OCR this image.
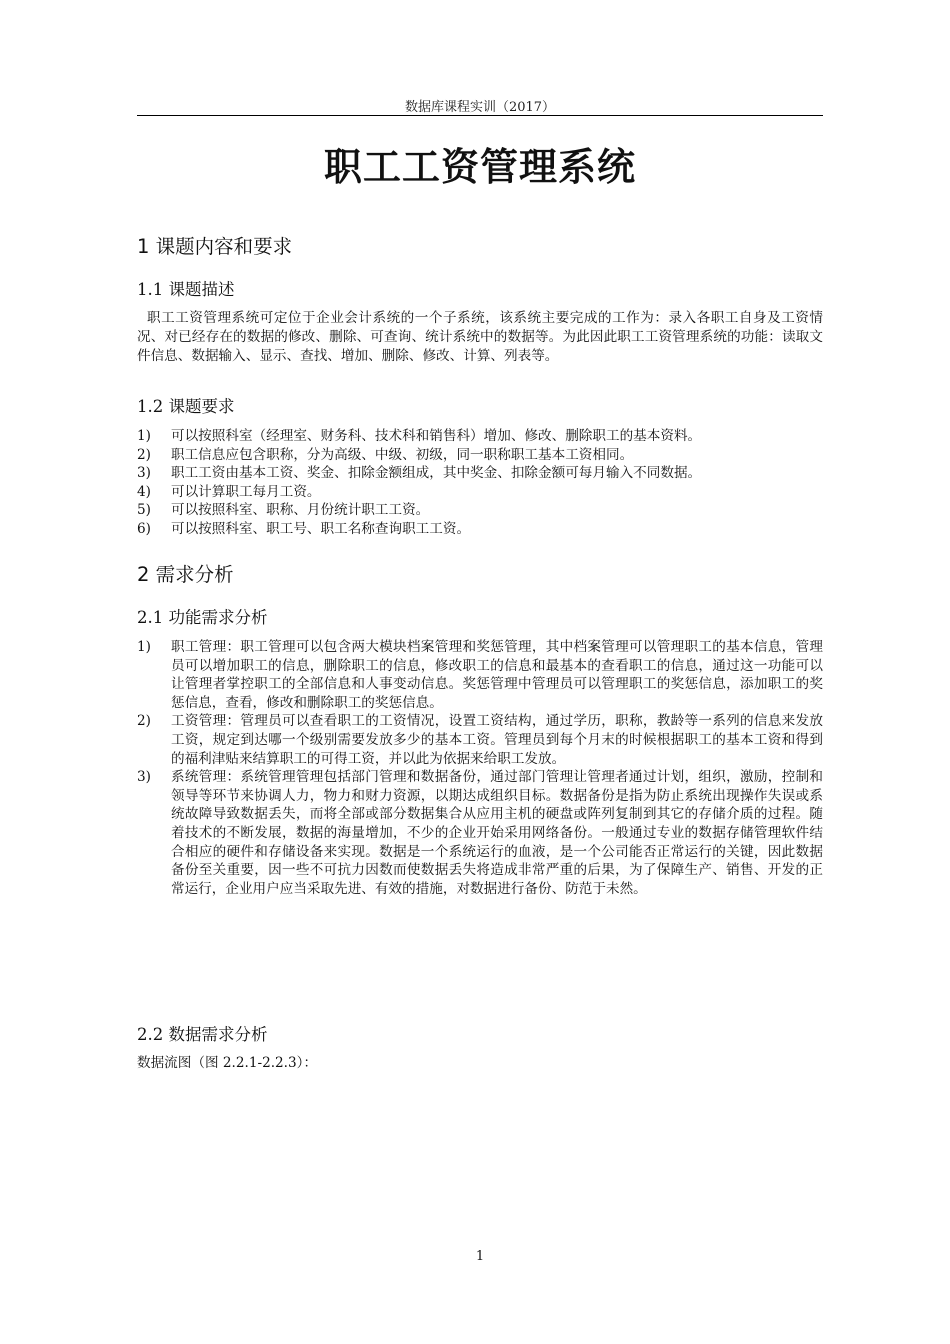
数据库课程实训（2017）
职工工资管理系统
1 课题内容和要求
1.1 课题描述

职工工资管理系统可定位于企业会计系统的一个子系统，该系统主要完成的工作为：录入各职工自身及工资情况、对已经存在的数据的修改、删除、可查询、统计系统中的数据等。为此因此职工工资管理系统的功能：读取文件信息、数据输入、显示、查找、增加、删除、修改、计算、列表等。

1.2 课题要求
1) 可以按照科室（经理室、财务科、技术科和销售科）增加、修改、删除职工的基本资料。
2) 职工信息应包含职称，分为高级、中级、初级，同一职称职工基本工资相同。
3) 职工工资由基本工资、奖金、扣除金额组成，其中奖金、扣除金额可每月输入不同数据。
4) 可以计算职工每月工资。
5) 可以按照科室、职称、月份统计职工工资。
6) 可以按照科室、职工号、职工名称查询职工工资。
2 需求分析
2.1 功能需求分析
1) 职工管理：职工管理可以包含两大模块档案管理和奖惩管理，其中档案管理可以管理职工的基本信息，管理员可以增加职工的信息，删除职工的信息，修改职工的信息和最基本的查看职工的信息，通过这一功能可以让管理者掌控职工的全部信息和人事变动信息。奖惩管理中管理员可以管理职工的奖惩信息，添加职工的奖惩信息，查看，修改和删除职工的奖惩信息。
2) 工资管理：管理员可以查看职工的工资情况，设置工资结构，通过学历，职称，教龄等一系列的信息来发放工资，规定到达哪一个级别需要发放多少的基本工资。管理员到每个月末的时候根据职工的基本工资和得到的福利津贴来结算职工的可得工资，并以此为依据来给职工发放。
3) 系统管理：系统管理管理包括部门管理和数据备份，通过部门管理让管理者通过计划，组织，激励，控制和领导等环节来协调人力，物力和财力资源，以期达成组织目标。数据备份是指为防止系统出现操作失误或系统故障导致数据丢失，而将全部或部分数据集合从应用主机的硬盘或阵列复制到其它的存储介质的过程。随着技术的不断发展，数据的海量增加，不少的企业开始采用网络备份。一般通过专业的数据存储管理软件结合相应的硬件和存储设备来实现。数据是一个系统运行的血液，是一个公司能否正常运行的关键，因此数据备份至关重要，因一些不可抗力因数而使数据丢失将造成非常严重的后果，为了保障生产、销售、开发的正常运行，企业用户应当采取先进、有效的措施，对数据进行备份、防范于未然。
2.2 数据需求分析

数据流图（图 2.2.1-2.2.3）：

1
